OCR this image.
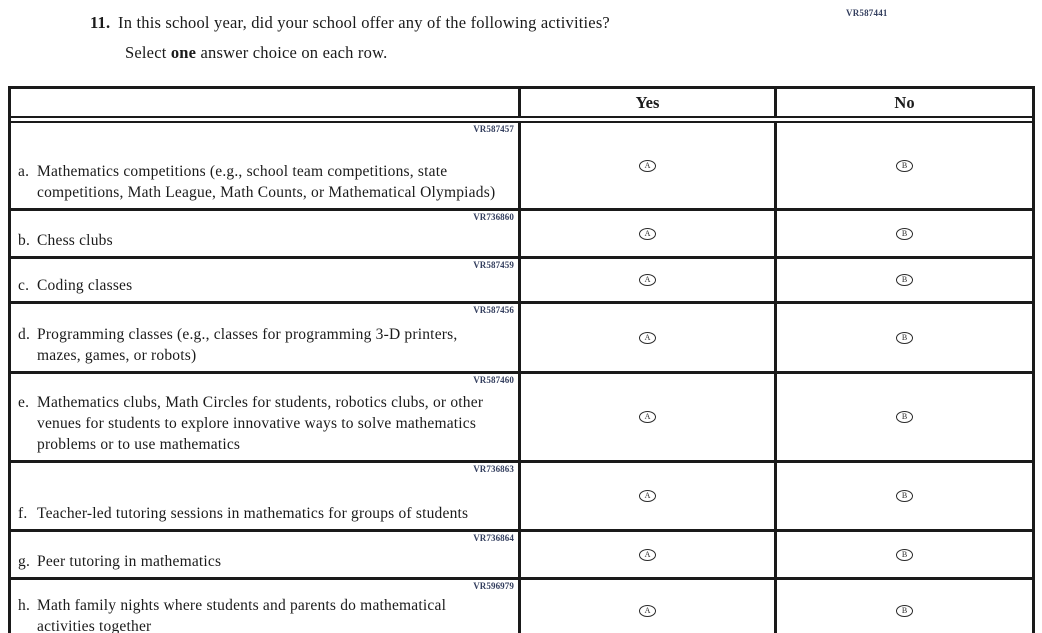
VR587441
11. In this school year, did your school offer any of the following activities?
Select one answer choice on each row.
Yes	No
VR587457
a. Mathematics competitions (e.g., school team competitions, state competitions, Math League, Math Counts, or Mathematical Olympiads)
A	B
VR736860
b. Chess clubs	A	B
VR587459
c. Coding classes	A	B
VR587456
d. Programming classes (e.g., classes for programming 3-D printers, mazes, games, or robots)
A	B
VR587460
e. Mathematics clubs, Math Circles for students, robotics clubs, or other venues for students to explore innovative ways to solve mathematics problems or to use mathematics
A	B
VR736863
f. Teacher-led tutoring sessions in mathematics for groups of students
A	B
VR736864
g. Peer tutoring in mathematics	A	B
VR596979
h. Math family nights where students and parents do mathematical activities together
A	B
